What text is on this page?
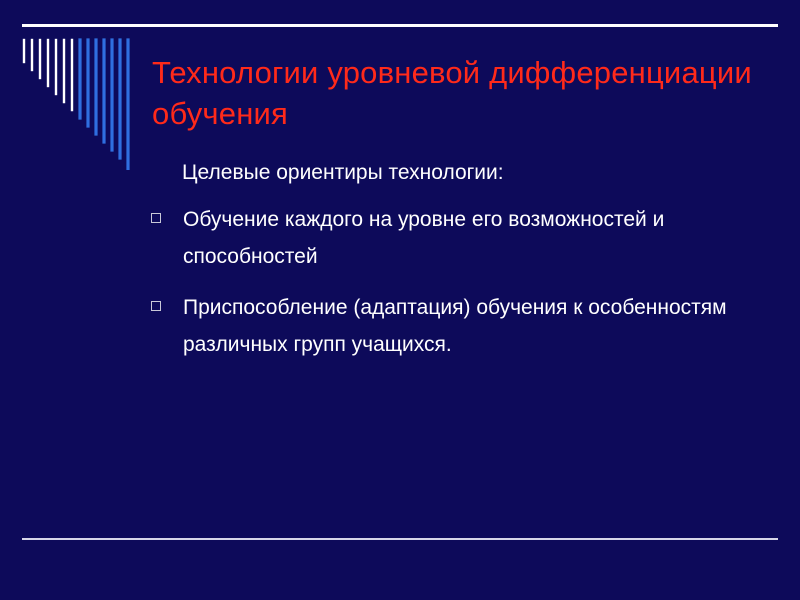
Технологии уровневой дифференциации обучения

Целевые ориентиры технологии:

Обучение каждого на уровне его возможностей и способностей
Приспособление (адаптация) обучения к особенностям различных групп учащихся.
